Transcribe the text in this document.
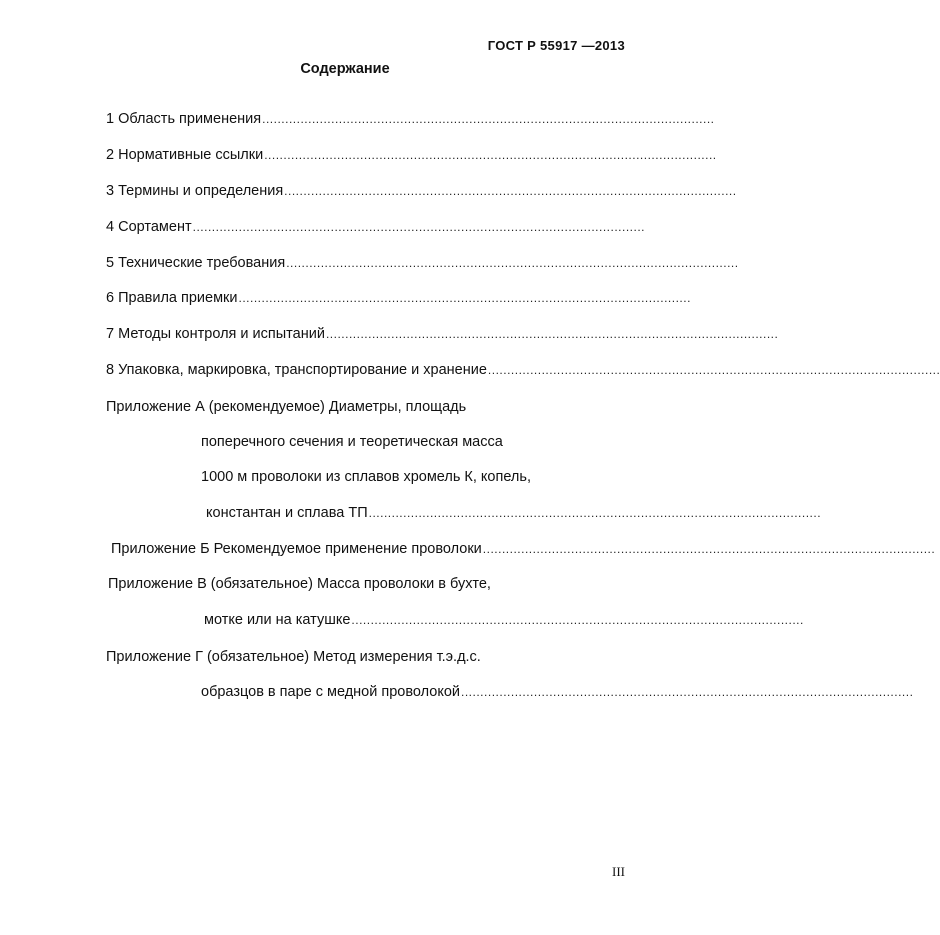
ГОСТ Р 55917 —2013
Содержание
1 Область применения ......................................................................................................................
2 Нормативные ссылки ......................................................................................................................
3 Термины и определения ......................................................................................................................
4 Сортамент ......................................................................................................................
5 Технические требования ......................................................................................................................
6 Правила приемки ......................................................................................................................
7 Методы контроля и испытаний ......................................................................................................................
8 Упаковка, маркировка, транспортирование и хранение ......................................................................................................................
Приложение А (рекомендуемое) Диаметры, площадь
поперечного сечения и теоретическая масса
1000 м проволоки из сплавов хромель К, копель,
константан и сплава ТП ......................................................................................................................
Приложение Б Рекомендуемое применение проволоки ......................................................................................................................
Приложение В (обязательное) Масса проволоки в бухте,
мотке или на катушке ......................................................................................................................
Приложение Г (обязательное) Метод измерения т.э.д.с.
образцов в паре с медной проволокой ......................................................................................................................
III
